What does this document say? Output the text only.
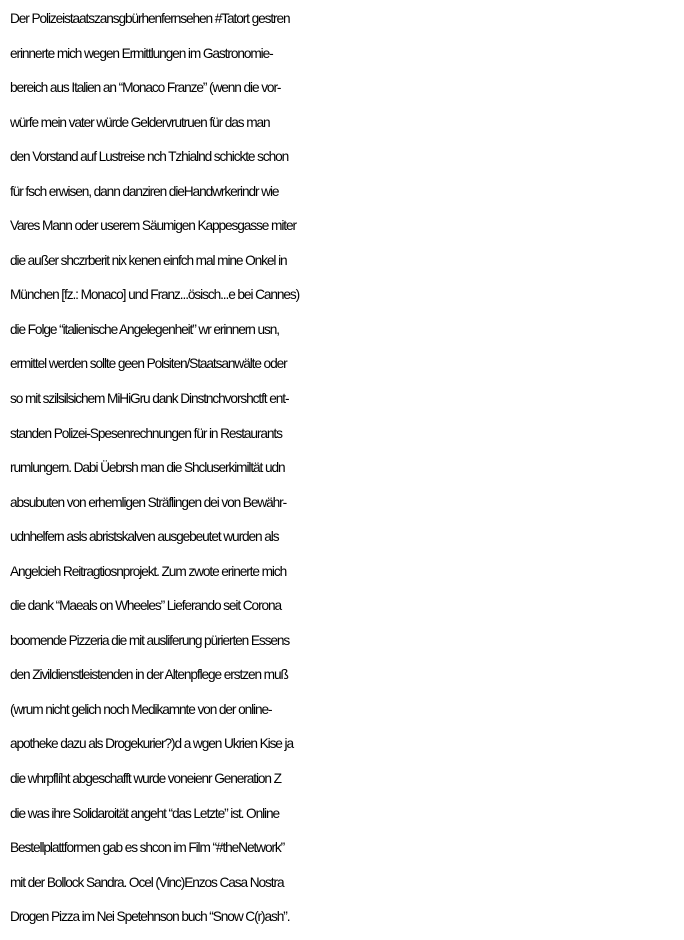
Der Polizeistaatszansgbürhenfernsehen #Tatort gestren
erinnerte mich wegen Ermittlungen im Gastronomie-
bereich aus Italien an “Monaco Franze” (wenn die vor-
würfe mein vater würde Geldervrutruen für das man
den Vorstand auf Lustreise nch Tzhialnd schickte schon
für fsch erwisen, dann danziren dieHandwrkerindr wie
Vares Mann oder userem Säumigen Kappesgasse miter
die außer shczrberit nix kenen einfch mal mine Onkel in
München [fz.: Monaco] und Franz...ösisch...e bei Cannes)
die Folge “italienische Angelegenheit” wr erinnern usn,
ermittel werden sollte geen Polsiten/Staatsanwälte oder
so mit szilsilsichem MiHiGru dank Dinstnchvorshctft ent-
standen Polizei-Spesenrechnungen für in Restaurants
rumlungern. Dabi Üebrsh man die Shcluserkimiltät udn
absubuten von erhemligen Sträflingen dei von Bewähr-
udnhelfern asls abristskalven ausgebeutet wurden als
Angelcieh Reitragtiosnprojekt. Zum zwote erinerte mich
die dank “Maeals on Wheeles” Lieferando seit Corona
boomende Pizzeria die mit ausliferung pürierten Essens
den Zivildienstleistenden in der Altenpflege erstzen muß
(wrum nicht gelich noch Medikamnte von der online-
apotheke dazu als Drogekurier?)d a wgen Ukrien Kise ja
die whrpflíht abgeschafft wurde voneienr Generation Z
die was ihre Solidaroität angeht “das Letzte” ist. Online
Bestellplattformen gab es shcon im Film “#theNetwork”
mit der Bollock Sandra. Ocel (Vinc)Enzos Casa Nostra
Drogen Pizza im Nei Spetehnson buch “Snow C(r)ash”.
